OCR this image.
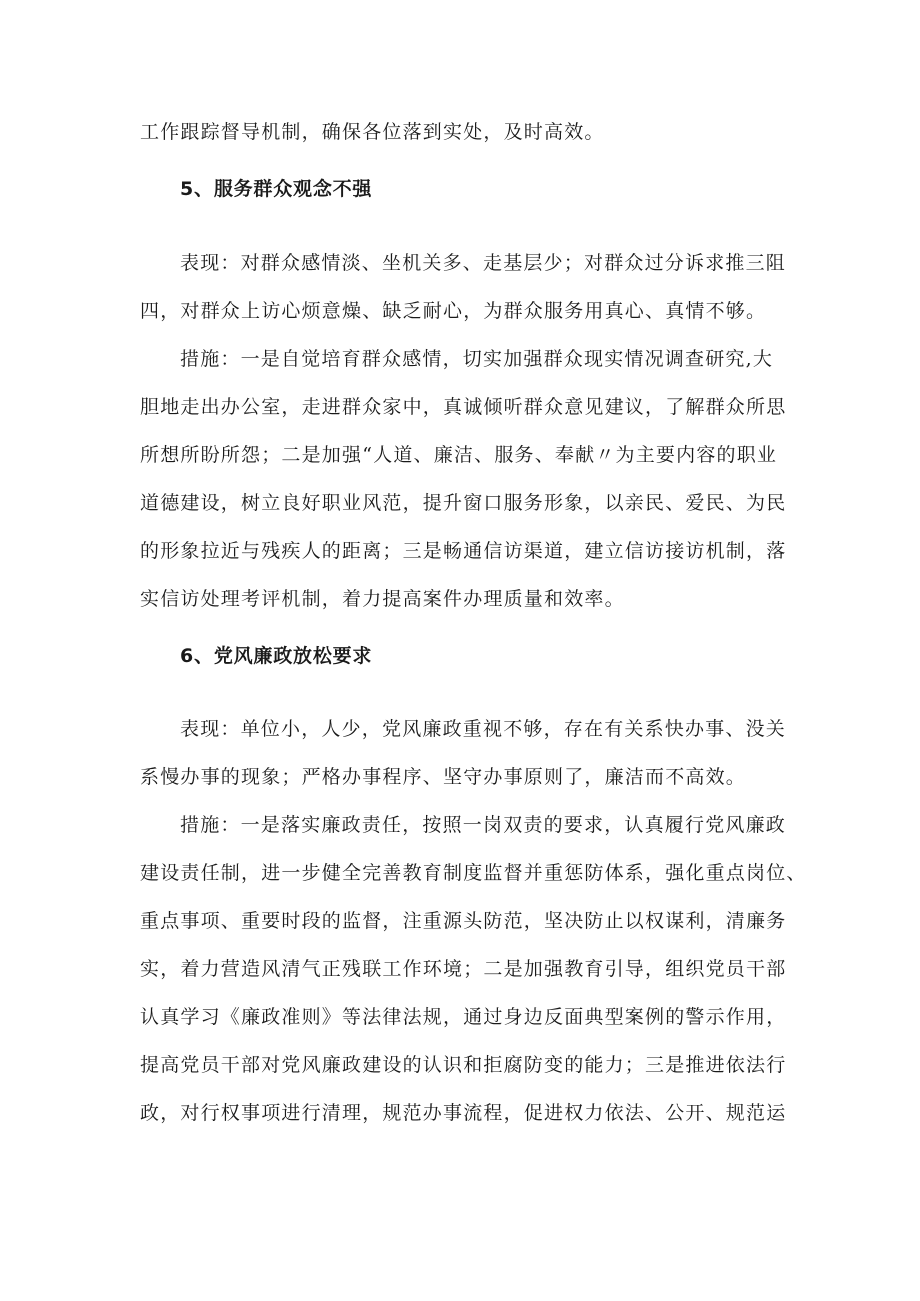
工作跟踪督导机制，确保各位落到实处，及时高效。
5、服务群众观念不强
表现：对群众感情淡、坐机关多、走基层少；对群众过分诉求推三阻
四，对群众上访心烦意燥、缺乏耐心，为群众服务用真心、真情不够。
措施：一是自觉培育群众感情，切实加强群众现实情况调查研究,大
胆地走出办公室，走进群众家中，真诚倾听群众意见建议，了解群众所思
所想所盼所怨；二是加强“人道、廉洁、服务、奉献〃为主要内容的职业
道德建设，树立良好职业风范，提升窗口服务形象，以亲民、爱民、为民
的形象拉近与残疾人的距离；三是畅通信访渠道，建立信访接访机制，落
实信访处理考评机制，着力提高案件办理质量和效率。
6、党风廉政放松要求
表现：单位小，人少，党风廉政重视不够，存在有关系快办事、没关
系慢办事的现象；严格办事程序、坚守办事原则了，廉洁而不高效。
措施：一是落实廉政责任，按照一岗双责的要求，认真履行党风廉政
建设责任制，进一步健全完善教育制度监督并重惩防体系，强化重点岗位、
重点事项、重要时段的监督，注重源头防范，坚决防止以权谋利，清廉务
实，着力营造风清气正残联工作环境；二是加强教育引导，组织党员干部
认真学习《廉政准则》等法律法规，通过身边反面典型案例的警示作用，
提高党员干部对党风廉政建设的认识和拒腐防变的能力；三是推进依法行
政，对行权事项进行清理，规范办事流程，促进权力依法、公开、规范运
